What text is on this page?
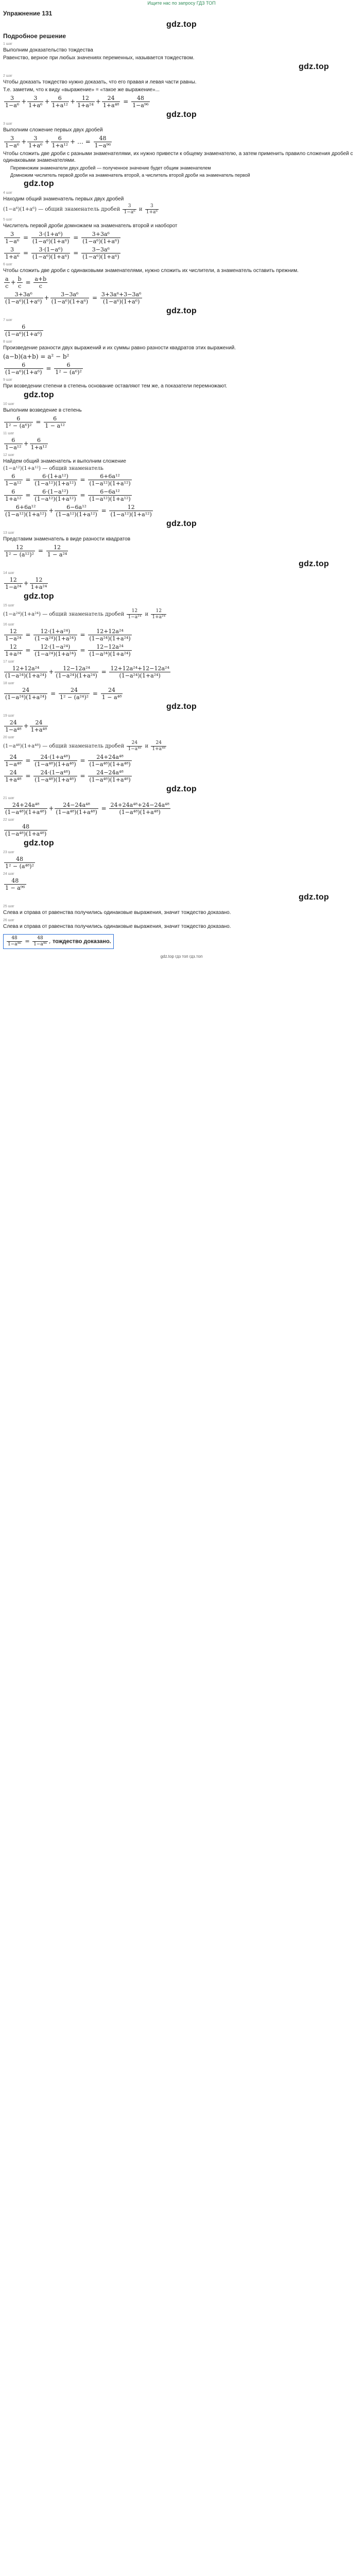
Ищите нас по запросу ГДЗ ТОП
Упражнение 131
gdz.top
Подробное решение
1 шаг
Выполним доказательство тождества
Равенство, верное при любых значениях переменных, называется тождеством.
gdz.top
2 шаг
Чтобы доказать тождество нужно доказать, что его правая и левая части равны.
Т.е. заметим, что к виду «выражение» = «такое же выражение»...
$\frac{3}{\text{1−a⁶}} + \frac{3}{\text{1+a⁶}} + \frac{6}{\text{1+a¹²}} + \frac{12}{\text{1+a²⁴}} + \frac{24}{\text{1+a⁴⁸}} = \frac{48}{\text{1−a⁹⁶}}$
gdz.top
3 шаг
Выполним сложение первых двух дробей
$\frac{3}{\text{1−a⁶}} + \frac{3}{\text{1+a⁶}} + \frac{6}{\text{1+a¹²}}$ + … = $\frac{48}{\text{1−a⁹⁶}}$
Чтобы сложить две дроби с разными знаменателями, их нужно привести к общему знаменателю, а затем применить правило сложения дробей с одинаковыми знаменателями.
Перемножим знаменатели двух дробей — полученное значение будет общим знаменателем
Домножим числитель первой дроби на знаменатель второй, а числитель второй дроби на знаменатель первой
gdz.top
4 шаг
Находим общий знаменатель первых двух дробей
(1−a⁶)(1+a⁶) — общий знаменатель дробей $\frac{3}{\text{1−a⁶}}$ и $\frac{3}{\text{1+a⁶}}$
5 шаг
Числитель первой дроби домножаем на знаменатель второй и наоборот
$\frac{3}{\text{1−a⁶}} = \frac{\text{3·(1+a⁶)}}{\text{(1−a⁶)(1+a⁶)}} = \frac{\text{3+3a⁶}}{\text{(1−a⁶)(1+a⁶)}}$
$\frac{3}{\text{1+a⁶}} = \frac{\text{3·(1−a⁶)}}{\text{(1−a⁶)(1+a⁶)}} = \frac{\text{3−3a⁶}}{\text{(1−a⁶)(1+a⁶)}}$
6 шаг
Чтобы сложить две дроби с одинаковыми знаменателями, нужно сложить их числители, а знаменатель оставить прежним.
$\frac{a}{c} + \frac{b}{c} = \frac{a+b}{c}$
$\frac{\text{3+3a⁶}}{\text{(1−a⁶)(1+a⁶)}} + \frac{\text{3−3a⁶}}{\text{(1−a⁶)(1+a⁶)}} = \frac{\text{3+3a⁶+3−3a⁶}}{\text{(1−a⁶)(1+a⁶)}}$
gdz.top
7 шаг
$\frac{6}{\text{(1−a⁶)(1+a⁶)}}$
8 шаг
Произведение разности двух выражений и их суммы равно разности квадратов этих выражений.
(a−b)(a+b) = a² − b²
$\frac{6}{\text{(1−a⁶)(1+a⁶)}} = \frac{6}{\text{1² − (a⁶)²}}$
9 шаг
При возведении степени в степень основание оставляют тем же, а показатели перемножают.
gdz.top
10 шаг
Выполним возведение в степень
$\frac{6}{\text{1² − (a⁶)²}} = \frac{6}{\text{1 − a¹²}}$
11 шаг
$\frac{6}{\text{1−a¹²}} + \frac{6}{\text{1+a¹²}}$
12 шаг
Найдем общий знаменатель и выполним сложение
(1−a¹²)(1+a¹²) — общий знаменатель
$\frac{6}{\text{1−a¹²}} = \frac{\text{6·(1+a¹²)}}{\text{(1−a¹²)(1+a¹²)}} = \frac{\text{6+6a¹²}}{\text{(1−a¹²)(1+a¹²)}}$
$\frac{6}{\text{1+a¹²}} = \frac{\text{6·(1−a¹²)}}{\text{(1−a¹²)(1+a¹²)}} = \frac{\text{6−6a¹²}}{\text{(1−a¹²)(1+a¹²)}}$
$\frac{\text{6+6a¹²}}{\text{(1−a¹²)(1+a¹²)}} + \frac{\text{6−6a¹²}}{\text{(1−a¹²)(1+a¹²)}} = \frac{12}{\text{(1−a¹²)(1+a¹²)}}$
gdz.top
13 шаг
Представим знаменатель в виде разности квадратов
$\frac{12}{\text{1² − (a¹²)²}} = \frac{12}{\text{1 − a²⁴}}$
gdz.top
14 шаг
$\frac{12}{\text{1−a²⁴}} + \frac{12}{\text{1+a²⁴}}$
gdz.top
15 шаг
(1−a²⁴)(1+a²⁴) — общий знаменатель дробей $\frac{12}{\text{1−a²⁴}}$ и $\frac{12}{\text{1+a²⁴}}$
16 шаг
$\frac{12}{\text{1−a²⁴}} = \frac{\text{12·(1+a²⁴)}}{\text{(1−a²⁴)(1+a²⁴)}} = \frac{\text{12+12a²⁴}}{\text{(1−a²⁴)(1+a²⁴)}}$
$\frac{12}{\text{1+a²⁴}} = \frac{\text{12·(1−a²⁴)}}{\text{(1−a²⁴)(1+a²⁴)}} = \frac{\text{12−12a²⁴}}{\text{(1−a²⁴)(1+a²⁴)}}$
17 шаг
$\frac{\text{12+12a²⁴}}{\text{(1−a²⁴)(1+a²⁴)}} + \frac{\text{12−12a²⁴}}{\text{(1−a²⁴)(1+a²⁴)}} = \frac{\text{12+12a²⁴+12−12a²⁴}}{\text{(1−a²⁴)(1+a²⁴)}}$
18 шаг
$\frac{24}{\text{(1−a²⁴)(1+a²⁴)}} = \frac{24}{\text{1² − (a²⁴)²}} = \frac{24}{\text{1 − a⁴⁸}}$
gdz.top
19 шаг
$\frac{24}{\text{1−a⁴⁸}} + \frac{24}{\text{1+a⁴⁸}}$
20 шаг
(1−a⁴⁸)(1+a⁴⁸) — общий знаменатель дробей $\frac{24}{\text{1−a⁴⁸}}$ и $\frac{24}{\text{1+a⁴⁸}}$
$\frac{24}{\text{1−a⁴⁸}} = \frac{\text{24·(1+a⁴⁸)}}{\text{(1−a⁴⁸)(1+a⁴⁸)}} = \frac{\text{24+24a⁴⁸}}{\text{(1−a⁴⁸)(1+a⁴⁸)}}$
$\frac{24}{\text{1+a⁴⁸}} = \frac{\text{24·(1−a⁴⁸)}}{\text{(1−a⁴⁸)(1+a⁴⁸)}} = \frac{\text{24−24a⁴⁸}}{\text{(1−a⁴⁸)(1+a⁴⁸)}}$
gdz.top
21 шаг
$\frac{\text{24+24a⁴⁸}}{\text{(1−a⁴⁸)(1+a⁴⁸)}} + \frac{\text{24−24a⁴⁸}}{\text{(1−a⁴⁸)(1+a⁴⁸)}} = \frac{\text{24+24a⁴⁸+24−24a⁴⁸}}{\text{(1−a⁴⁸)(1+a⁴⁸)}}$
22 шаг
$\frac{48}{\text{(1−a⁴⁸)(1+a⁴⁸)}}$
gdz.top
23 шаг
$\frac{48}{\text{1² − (a⁴⁸)²}}$
24 шаг
$\frac{48}{\text{1 − a⁹⁶}}$
gdz.top
25 шаг
Слева и справа от равенства получились одинаковые выражения, значит тождество доказано.
26 шаг
Слева и справа от равенства получились одинаковые выражения, значит тождество доказано.
$\frac{48}{\text{1−a⁹⁶}} = \frac{48}{\text{1−a⁹⁶}}$ , тождество доказано.
gdz.top гдз топ гдз.топ
